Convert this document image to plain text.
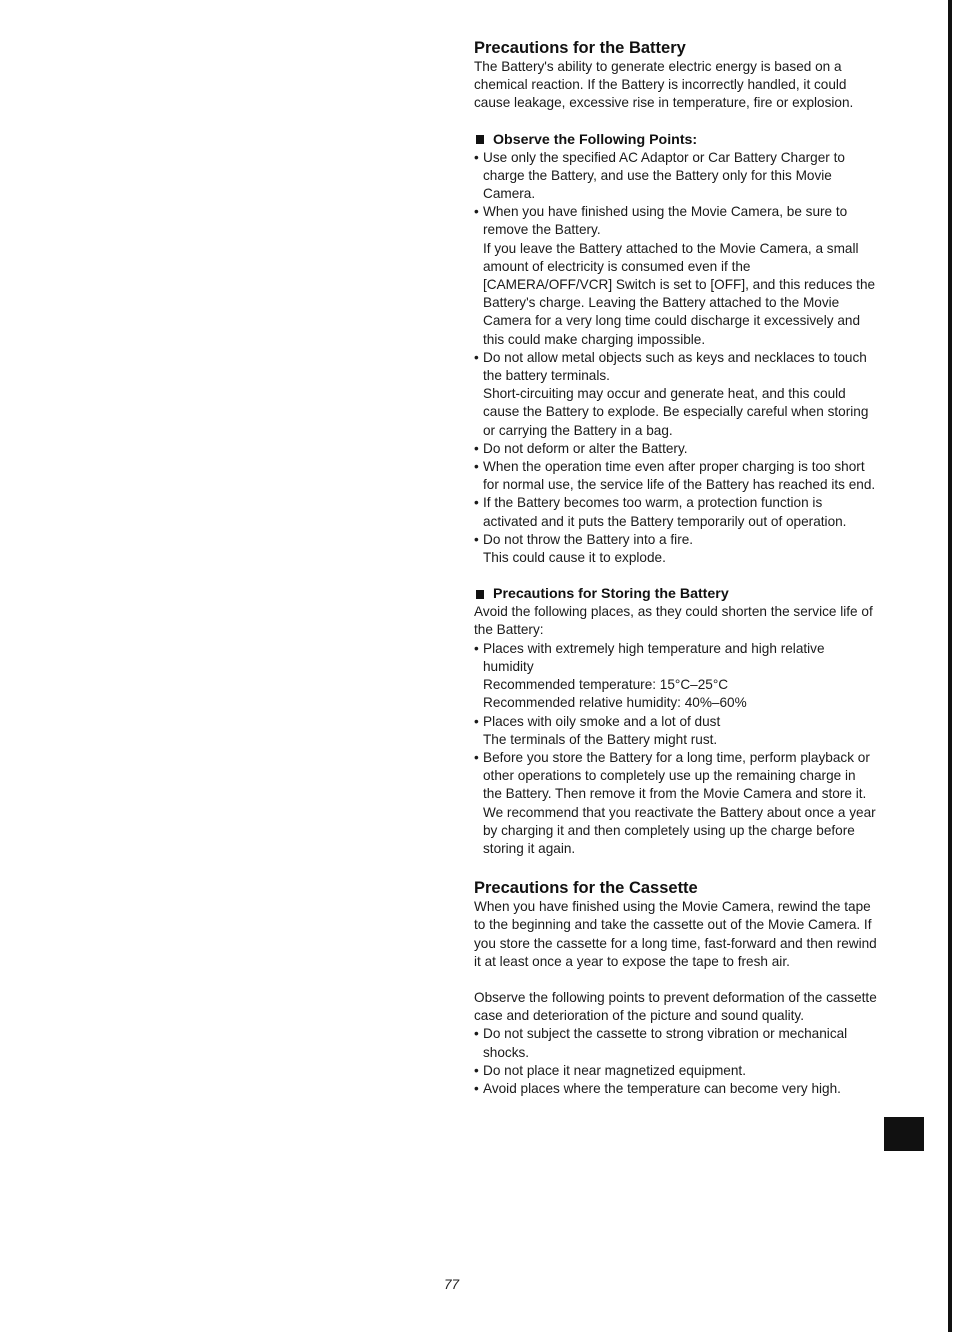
Precautions for the Battery

The Battery's ability to generate electric energy is based on a chemical reaction. If the Battery is incorrectly handled, it could cause leakage, excessive rise in temperature, fire or explosion.

Observe the Following Points:
• Use only the specified AC Adaptor or Car Battery Charger to charge the Battery, and use the Battery only for this Movie Camera.
• When you have finished using the Movie Camera, be sure to remove the Battery.
If you leave the Battery attached to the Movie Camera, a small amount of electricity is consumed even if the [CAMERA/OFF/VCR] Switch is set to [OFF], and this reduces the Battery's charge. Leaving the Battery attached to the Movie Camera for a very long time could discharge it excessively and this could make charging impossible.
• Do not allow metal objects such as keys and necklaces to touch the battery terminals.
Short-circuiting may occur and generate heat, and this could cause the Battery to explode. Be especially careful when storing or carrying the Battery in a bag.
• Do not deform or alter the Battery.
• When the operation time even after proper charging is too short for normal use, the service life of the Battery has reached its end.
• If the Battery becomes too warm, a protection function is activated and it puts the Battery temporarily out of operation.
• Do not throw the Battery into a fire.
This could cause it to explode.
Precautions for Storing the Battery

Avoid the following places, as they could shorten the service life of the Battery:

• Places with extremely high temperature and high relative humidity
Recommended temperature: 15°C–25°C
Recommended relative humidity: 40%–60%
• Places with oily smoke and a lot of dust
The terminals of the Battery might rust.
• Before you store the Battery for a long time, perform playback or other operations to completely use up the remaining charge in the Battery. Then remove it from the Movie Camera and store it. We recommend that you reactivate the Battery about once a year by charging it and then completely using up the charge before storing it again.
Precautions for the Cassette

When you have finished using the Movie Camera, rewind the tape to the beginning and take the cassette out of the Movie Camera. If you store the cassette for a long time, fast-forward and then rewind it at least once a year to expose the tape to fresh air.

Observe the following points to prevent deformation of the cassette case and deterioration of the picture and sound quality.

• Do not subject the cassette to strong vibration or mechanical shocks.
• Do not place it near magnetized equipment.
• Avoid places where the temperature can become very high.
77
